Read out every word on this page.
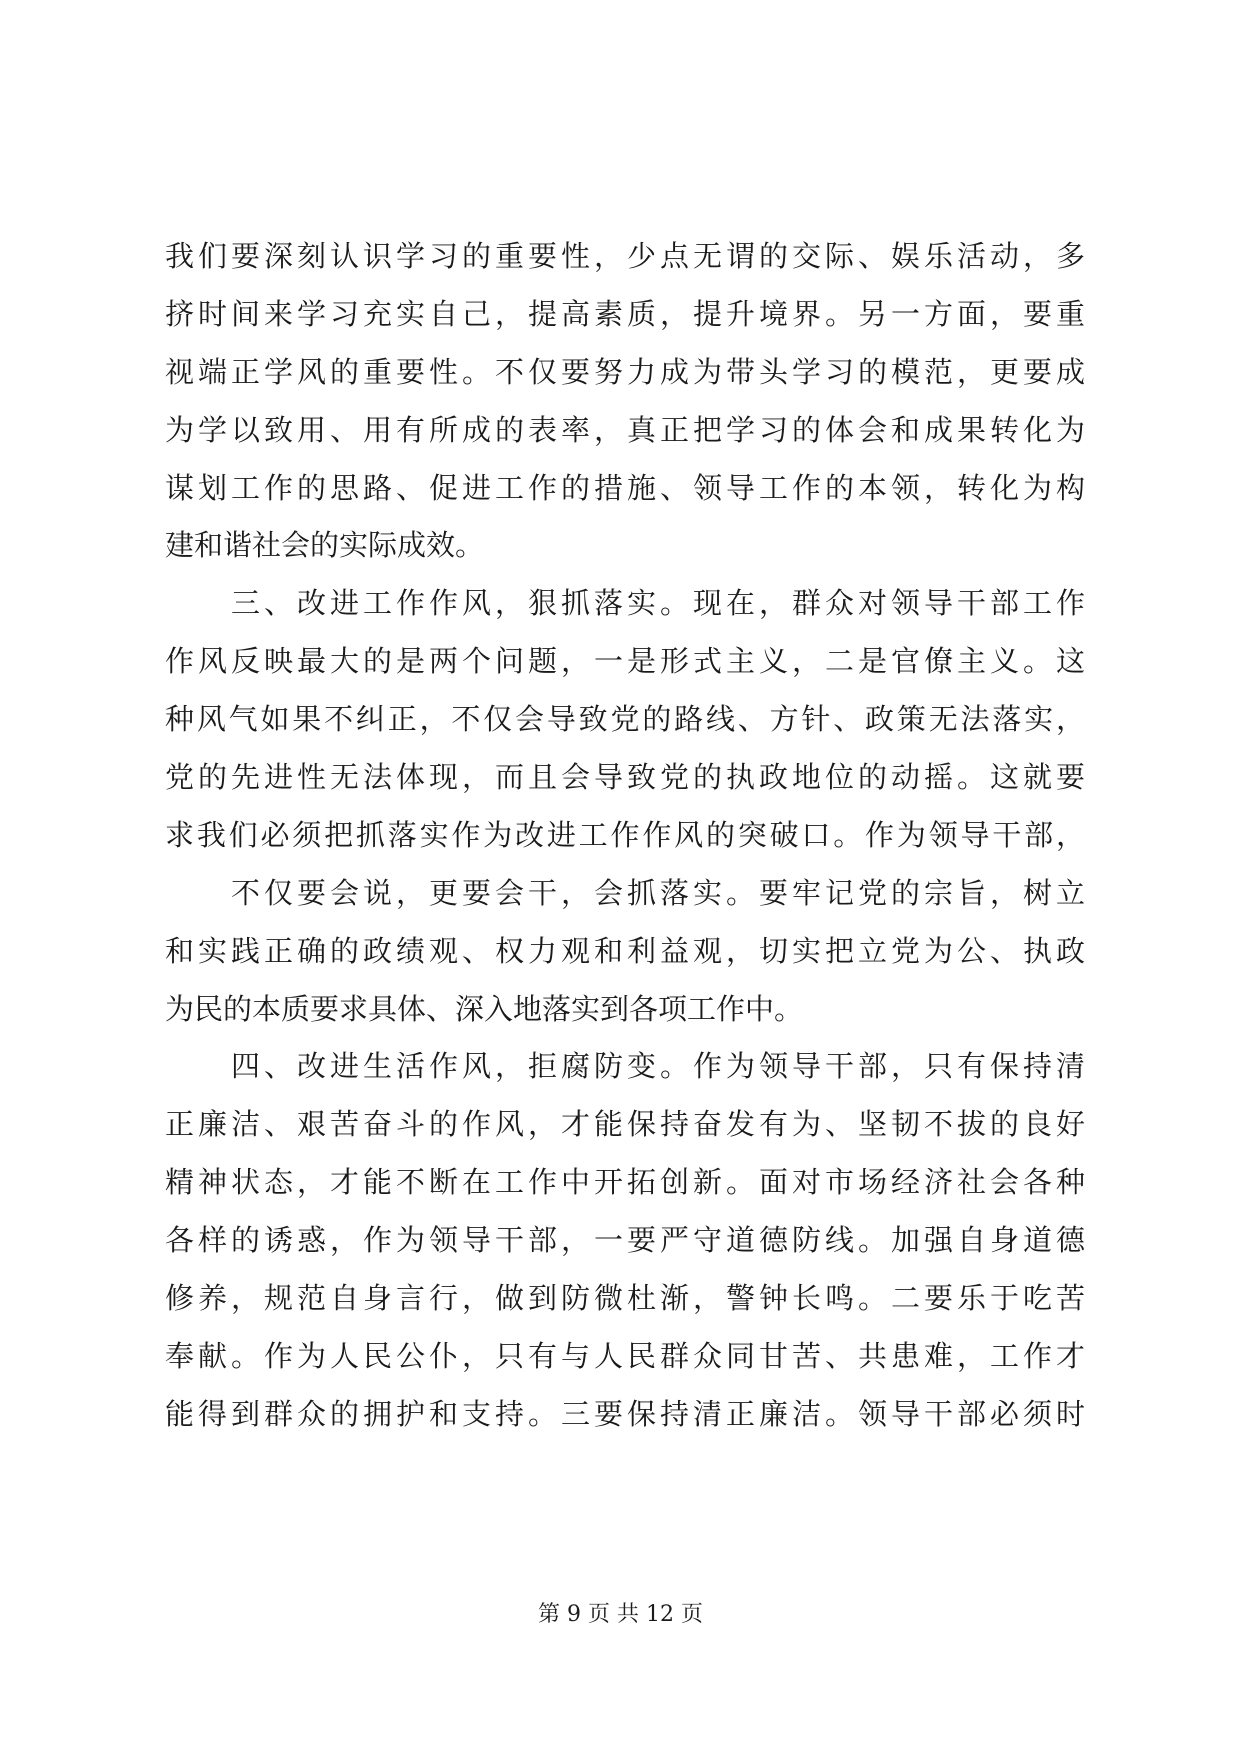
我们要深刻认识学习的重要性，少点无谓的交际、娱乐活动，多
挤时间来学习充实自己，提高素质，提升境界。另一方面，要重
视端正学风的重要性。不仅要努力成为带头学习的模范，更要成
为学以致用、用有所成的表率，真正把学习的体会和成果转化为
谋划工作的思路、促进工作的措施、领导工作的本领，转化为构
建和谐社会的实际成效。
　　三、改进工作作风，狠抓落实。现在，群众对领导干部工作
作风反映最大的是两个问题，一是形式主义，二是官僚主义。这
种风气如果不纠正，不仅会导致党的路线、方针、政策无法落实，
党的先进性无法体现，而且会导致党的执政地位的动摇。这就要
求我们必须把抓落实作为改进工作作风的突破口。作为领导干部，
　　不仅要会说，更要会干，会抓落实。要牢记党的宗旨，树立
和实践正确的政绩观、权力观和利益观，切实把立党为公、执政
为民的本质要求具体、深入地落实到各项工作中。
　　四、改进生活作风，拒腐防变。作为领导干部，只有保持清
正廉洁、艰苦奋斗的作风，才能保持奋发有为、坚韧不拔的良好
精神状态，才能不断在工作中开拓创新。面对市场经济社会各种
各样的诱惑，作为领导干部，一要严守道德防线。加强自身道德
修养，规范自身言行，做到防微杜渐，警钟长鸣。二要乐于吃苦
奉献。作为人民公仆，只有与人民群众同甘苦、共患难，工作才
能得到群众的拥护和支持。三要保持清正廉洁。领导干部必须时
第 9 页 共 12 页
